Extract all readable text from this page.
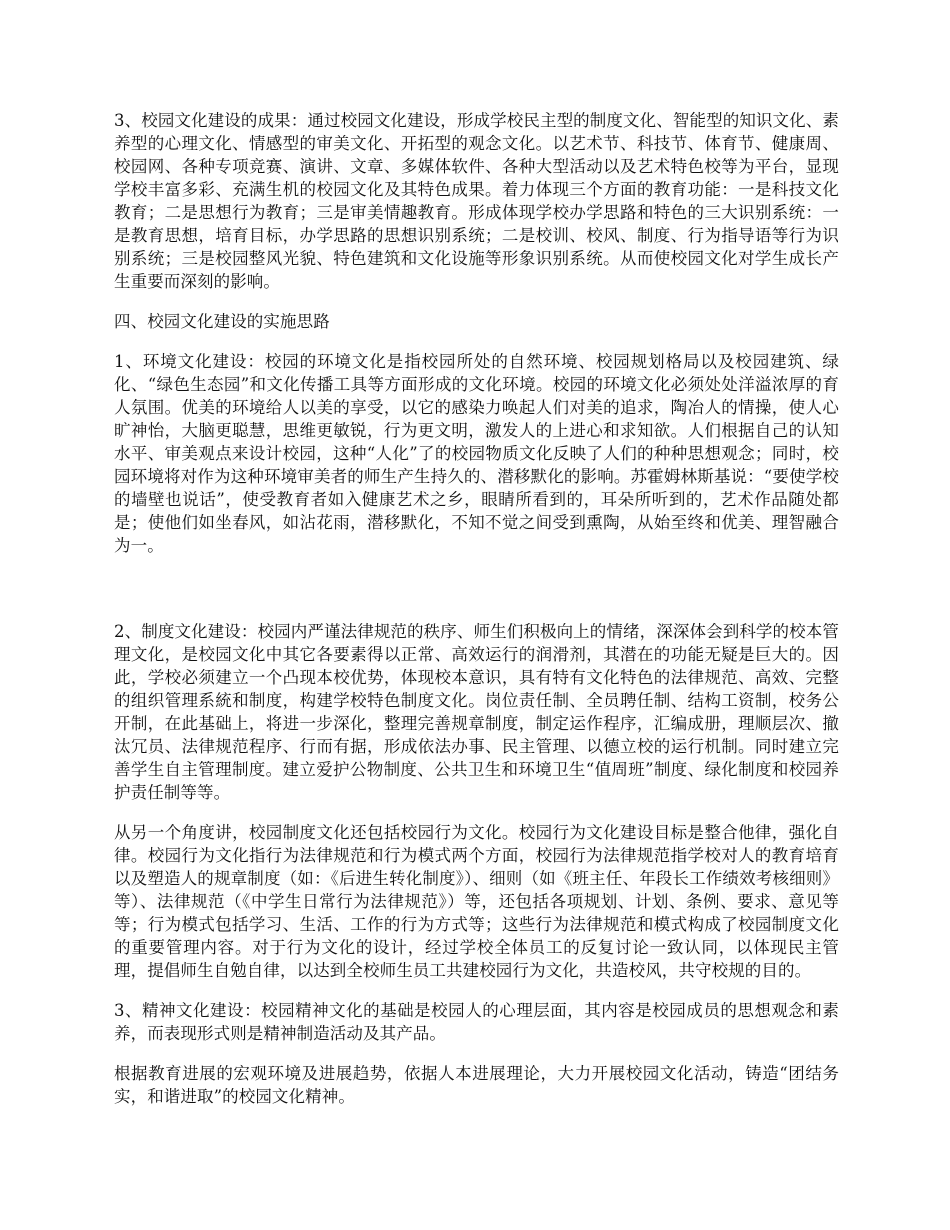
3、校园文化建设的成果：通过校园文化建设，形成学校民主型的制度文化、智能型的知识文化、素养型的心理文化、情感型的审美文化、开拓型的观念文化。以艺术节、科技节、体育节、健康周、校园网、各种专项竞赛、演讲、文章、多媒体软件、各种大型活动以及艺术特色校等为平台，显现学校丰富多彩、充满生机的校园文化及其特色成果。着力体现三个方面的教育功能：一是科技文化教育；二是思想行为教育；三是审美情趣教育。形成体现学校办学思路和特色的三大识别系统：一是教育思想，培育目标，办学思路的思想识别系统；二是校训、校风、制度、行为指导语等行为识别系统；三是校园整风光貌、特色建筑和文化设施等形象识别系统。从而使校园文化对学生成长产生重要而深刻的影响。

四、校园文化建设的实施思路

1、环境文化建设：校园的环境文化是指校园所处的自然环境、校园规划格局以及校园建筑、绿化、“绿色生态园”和文化传播工具等方面形成的文化环境。校园的环境文化必须处处洋溢浓厚的育人氛围。优美的环境给人以美的享受，以它的感染力唤起人们对美的追求，陶冶人的情操，使人心旷神怡，大脑更聪慧，思维更敏锐，行为更文明，激发人的上进心和求知欲。人们根据自己的认知水平、审美观点来设计校园，这种“人化”了的校园物质文化反映了人们的种种思想观念；同时，校园环境将对作为这种环境审美者的师生产生持久的、潜移默化的影响。苏霍姆林斯基说：“要使学校的墙壁也说话”，使受教育者如入健康艺术之乡，眼睛所看到的，耳朵所听到的，艺术作品随处都是；使他们如坐春风，如沾花雨，潜移默化，不知不觉之间受到熏陶，从始至终和优美、理智融合为一。

2、制度文化建设：校园内严谨法律规范的秩序、师生们积极向上的情绪，深深体会到科学的校本管理文化，是校园文化中其它各要素得以正常、高效运行的润滑剂，其潜在的功能无疑是巨大的。因此，学校必须建立一个凸现本校优势，体现校本意识，具有特有文化特色的法律规范、高效、完整的组织管理系統和制度，构建学校特色制度文化。岗位责任制、全员聘任制、结构工资制，校务公开制，在此基础上，将进一步深化，整理完善规章制度，制定运作程序，汇编成册，理顺层次、撤汰冗员、法律规范程序、行而有据，形成依法办事、民主管理、以德立校的运行机制。同时建立完善学生自主管理制度。建立爱护公物制度、公共卫生和环境卫生“值周班”制度、绿化制度和校园养护责任制等等。

从另一个角度讲，校园制度文化还包括校园行为文化。校园行为文化建设目标是整合他律，强化自律。校园行为文化指行为法律规范和行为模式两个方面，校园行为法律规范指学校对人的教育培育以及塑造人的规章制度（如：《后进生转化制度》）、细则（如《班主任、年段长工作绩效考核细则》等）、法律规范（《中学生日常行为法律规范》）等，还包括各项规划、计划、条例、要求、意见等等；行为模式包括学习、生活、工作的行为方式等；这些行为法律规范和模式构成了校园制度文化的重要管理内容。对于行为文化的设计，经过学校全体员工的反复讨论一致认同，以体现民主管理，提倡师生自勉自律，以达到全校师生员工共建校园行为文化，共造校风，共守校规的目的。

3、精神文化建设：校园精神文化的基础是校园人的心理层面，其内容是校园成员的思想观念和素养，而表现形式则是精神制造活动及其产品。

根据教育进展的宏观环境及进展趋势，依据人本进展理论，大力开展校园文化活动，铸造“团结务实，和谐进取”的校园文化精神。
